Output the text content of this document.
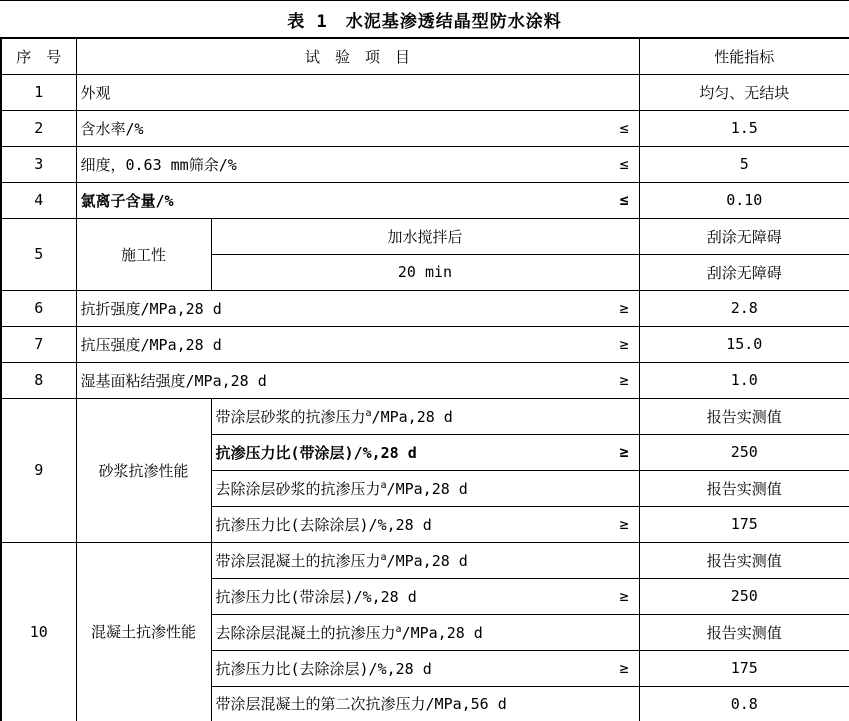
表 1　水泥基渗透结晶型防水涂料
序　号	试　验　项　目		性能指标
1	外观		均匀、无结块
2	含水率/% ≤		1.5
3	细度，0.63 mm筛余/% ≤		5
4	氯离子含量/% ≤		0.10
5	施工性	加水搅拌后	刮涂无障碍

		20 min	刮涂无障碍
6	抗折强度/MPa,28 d ≥		2.8
7	抗压强度/MPa,28 d ≥		15.0
8	湿基面粘结强度/MPa,28 d ≥		1.0
9	砂浆抗渗性能	带涂层砂浆的抗渗压力$^a$/MPa,28 d	报告实测值

		抗渗压力比(带涂层)/%,28 d ≥	250

		去除涂层砂浆的抗渗压力$^a$/MPa,28 d	报告实测值

		抗渗压力比(去除涂层)/%,28 d ≥	175
10	混凝土抗渗性能	带涂层混凝土的抗渗压力$^a$/MPa,28 d	报告实测值

		抗渗压力比(带涂层)/%,28 d ≥	250

		去除涂层混凝土的抗渗压力$^a$/MPa,28 d	报告实测值

		抗渗压力比(去除涂层)/%,28 d ≥	175

		带涂层混凝土的第二次抗渗压力/MPa,56 d	0.8
